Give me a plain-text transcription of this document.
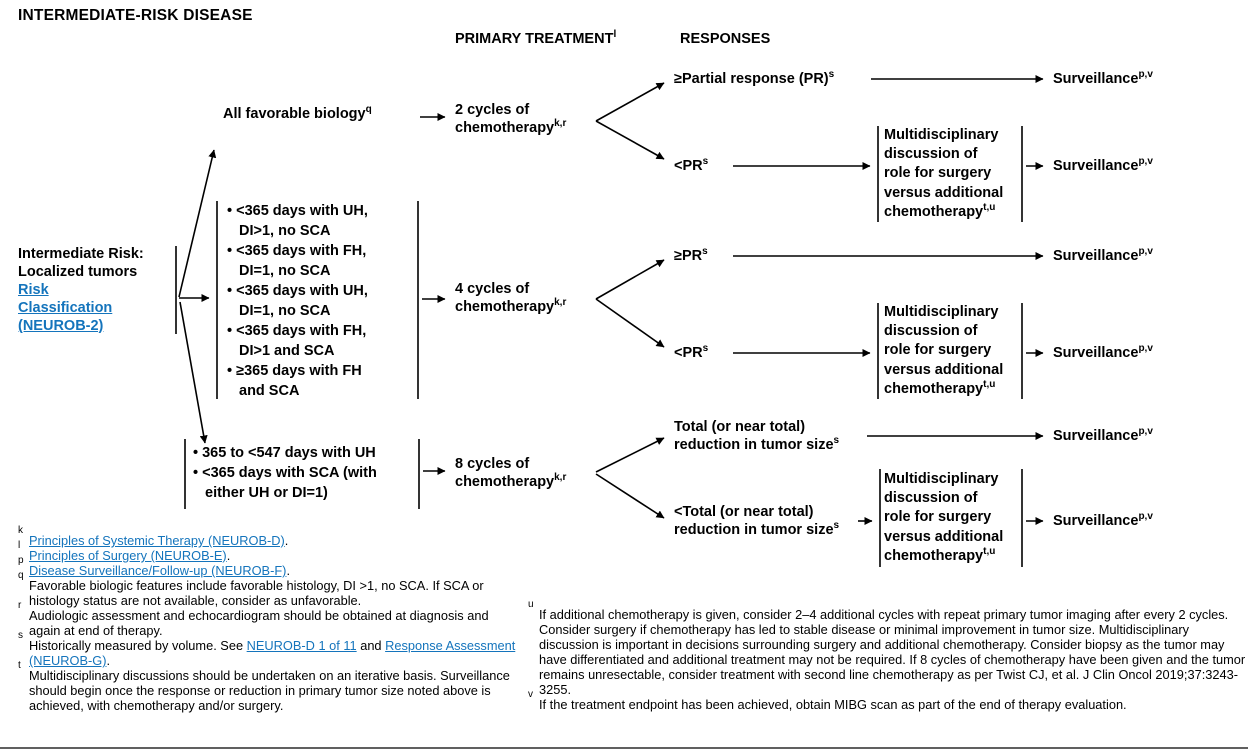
INTERMEDIATE-RISK DISEASE
PRIMARY TREATMENT$^l$	RESPONSES
Intermediate Risk:
Localized tumors
Risk
Classification
(NEUROB-2)
All favorable biology$^q$
• <365 days with UH,
DI>1, no SCA
• <365 days with FH,
DI=1, no SCA
• <365 days with UH,
DI=1, no SCA
• <365 days with FH,
DI>1 and SCA
• ≥365 days with FH
and SCA
• 365 to <547 days with UH
• <365 days with SCA (with
either UH or DI=1)
2 cycles of
chemotherapy$^{k,r}$
4 cycles of
chemotherapy$^{k,r}$
8 cycles of
chemotherapy$^{k,r}$
≥Partial response (PR)$^s$
$<PR^s$
$\ge PR^s$
$<PR^s$
Total (or near total)
reduction in tumor size$^s$
<Total (or near total)
reduction in tumor size$^s$
Multidisciplinary
discussion of
role for surgery
versus additional
chemotherapy$^{t,u}$
Multidisciplinary
discussion of
role for surgery
versus additional
chemotherapy$^{t,u}$
Multidisciplinary
discussion of
role for surgery
versus additional
chemotherapy$^{t,u}$
Surveillance$^{p,v}$
Surveillance$^{p,v}$
Surveillance$^{p,v}$
Surveillance$^{p,v}$
Surveillance$^{p,v}$
Surveillance$^{p,v}$
k
Principles of Systemic Therapy (NEUROB-D).
l
Principles of Surgery (NEUROB-E).
p
Disease Surveillance/Follow-up (NEUROB-F).
q
Favorable biologic features include favorable histology, DI >1, no SCA. If SCA or histology status are not available, consider as unfavorable.
r
Audiologic assessment and echocardiogram should be obtained at diagnosis and again at end of therapy.
s
Historically measured by volume. See NEUROB-D 1 of 11 and Response Assessment (NEUROB-G).
t
Multidisciplinary discussions should be undertaken on an iterative basis. Surveillance should begin once the response or reduction in primary tumor size noted above is achieved, with chemotherapy and/or surgery.
u
If additional chemotherapy is given, consider 2–4 additional cycles with repeat primary tumor imaging after every 2 cycles. Consider surgery if chemotherapy has led to stable disease or minimal improvement in tumor size. Multidisciplinary discussion is important in decisions surrounding surgery and additional chemotherapy. Consider biopsy as the tumor may have differentiated and additional treatment may not be required. If 8 cycles of chemotherapy have been given and the tumor remains unresectable, consider treatment with second line chemotherapy as per Twist CJ, et al. J Clin Oncol 2019;37:3243-3255.
v
If the treatment endpoint has been achieved, obtain MIBG scan as part of the end of therapy evaluation.
